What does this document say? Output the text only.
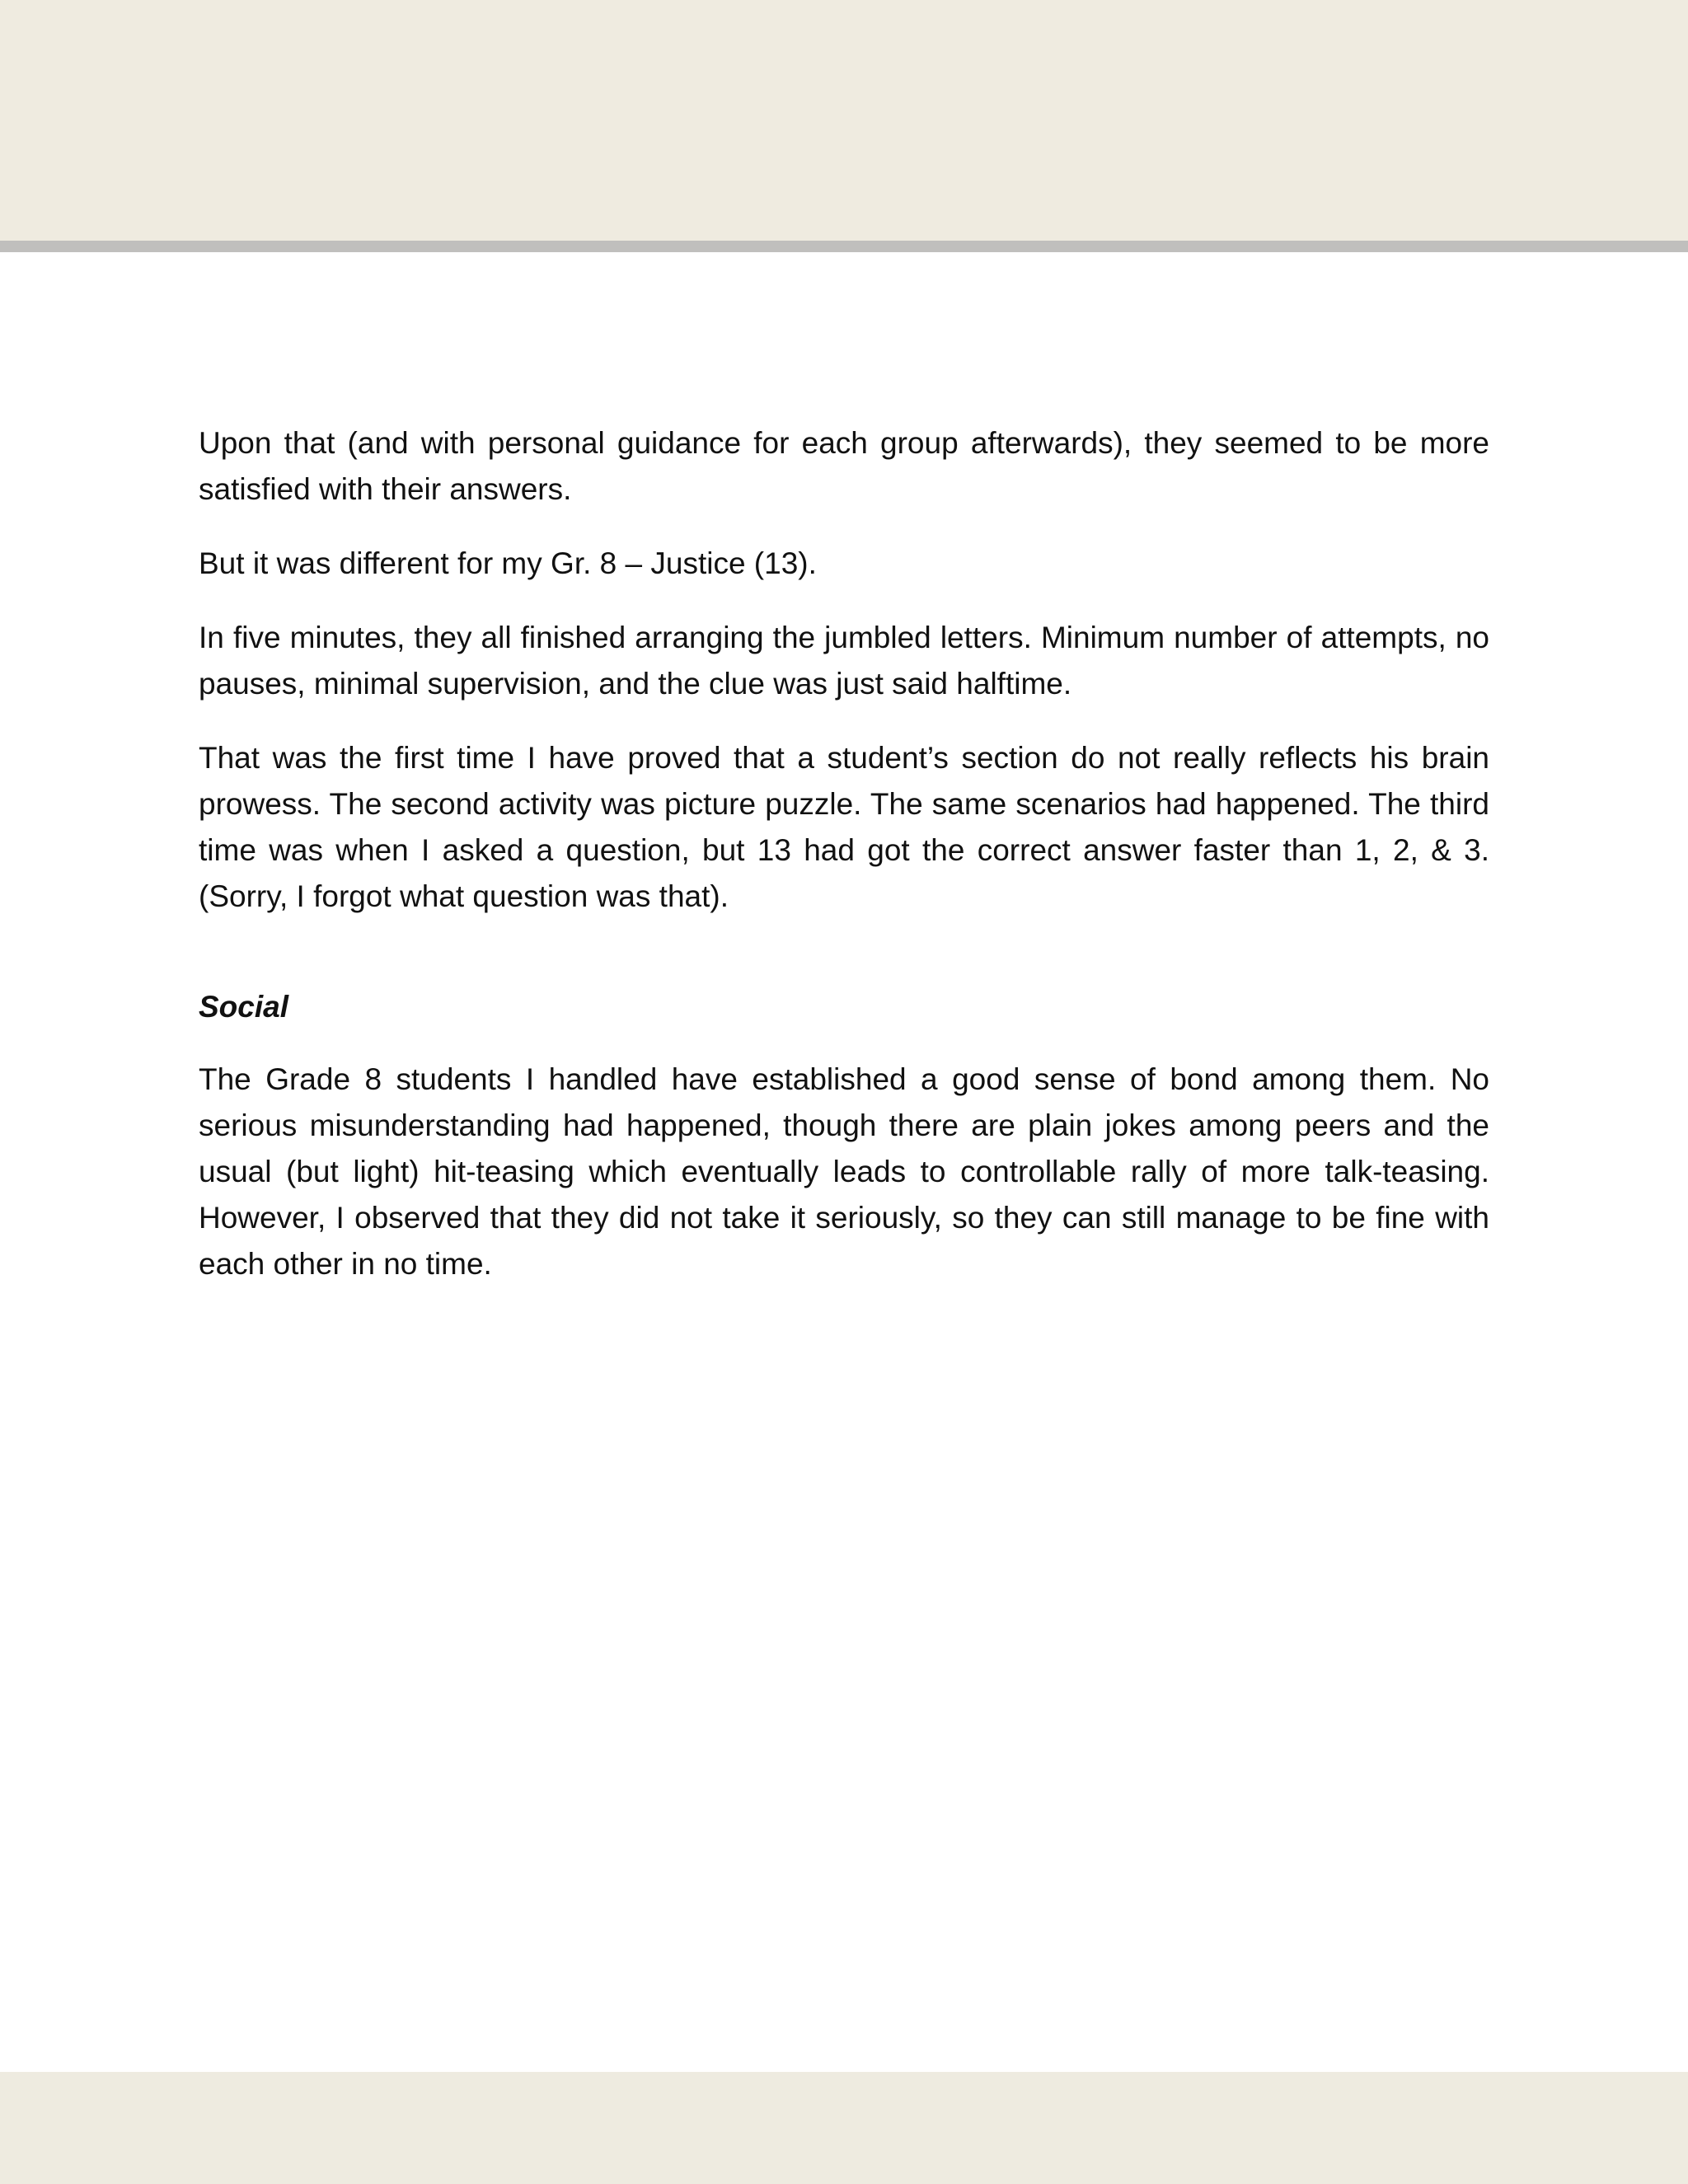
Upon that (and with personal guidance for each group afterwards), they seemed to be more satisfied with their answers.

But it was different for my Gr. 8 – Justice (13).

In five minutes, they all finished arranging the jumbled letters. Minimum number of attempts, no pauses, minimal supervision, and the clue was just said halftime.

That was the first time I have proved that a student’s section do not really reflects his brain prowess. The second activity was picture puzzle. The same scenarios had happened. The third time was when I asked a question, but 13 had got the correct answer faster than 1, 2, & 3. (Sorry, I forgot what question was that).

Social

The Grade 8 students I handled have established a good sense of bond among them. No serious misunderstanding had happened, though there are plain jokes among peers and the usual (but light) hit-teasing which eventually leads to controllable rally of more talk-teasing. However, I observed that they did not take it seriously, so they can still manage to be fine with each other in no time.
